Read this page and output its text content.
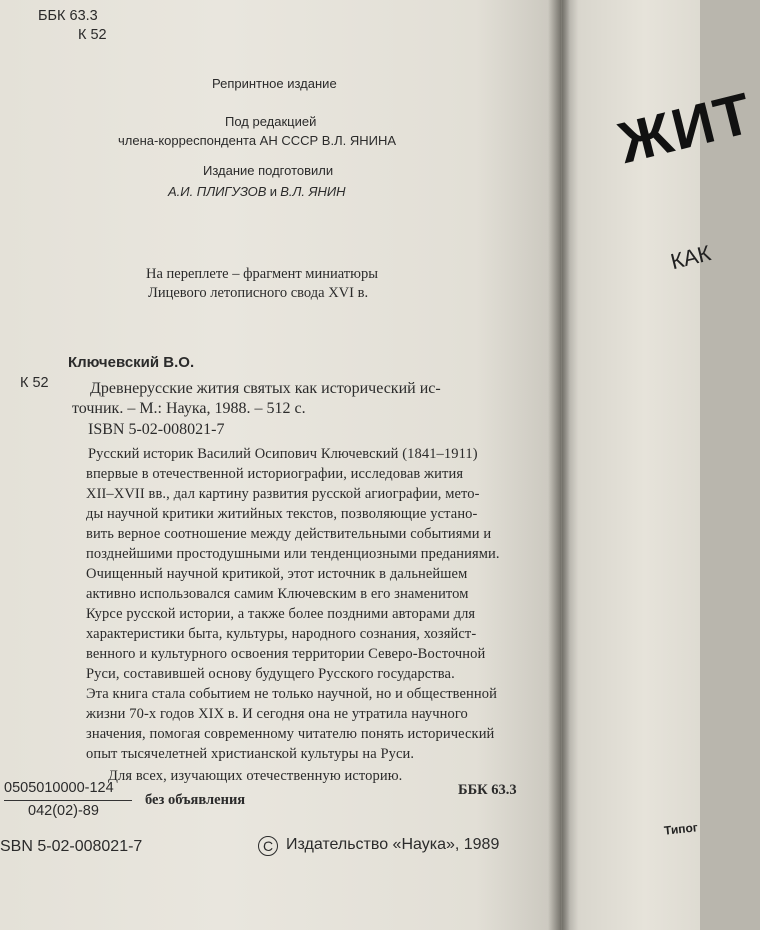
ББК 63.3
К 52
Репринтное издание
Под редакцией
члена-корреспондента АН СССР В.Л. ЯНИНА
Издание подготовили
А.И. ПЛИГУЗОВ и В.Л. ЯНИН
На переплете – фрагмент миниатюры
Лицевого летописного свода XVI в.
Ключевский В.О.
К 52	Древнерусские жития святых как исторический ис-
точник. – М.: Наука, 1988. – 512 с.
ISBN 5-02-008021-7
Русский историк Василий Осипович Ключевский (1841–1911)
впервые в отечественной историографии, исследовав жития
XII–XVII вв., дал картину развития русской агиографии, мето-
ды научной критики житийных текстов, позволяющие устано-
вить верное соотношение между действительными событиями и
позднейшими простодушными или тенденциозными преданиями.
Очищенный научной критикой, этот источник в дальнейшем
активно использовался самим Ключевским в его знаменитом
Курсе русской истории, а также более поздними авторами для
характеристики быта, культуры, народного сознания, хозяйст-
венного и культурного освоения территории Северо-Восточной
Руси, составившей основу будущего Русского государства.
Эта книга стала событием не только научной, но и общественной
жизни 70-х годов XIX в. И сегодня она не утратила научного
значения, помогая современному читателю понять исторический
опыт тысячелетней христианской культуры на Руси.
Для всех, изучающих отечественную историю.
0505010000-124
042(02)-89
без объявления
ББК 63.3
SBN 5-02-008021-7	C Издательство «Наука», 1989
ЖИТ
КАК
Типог
